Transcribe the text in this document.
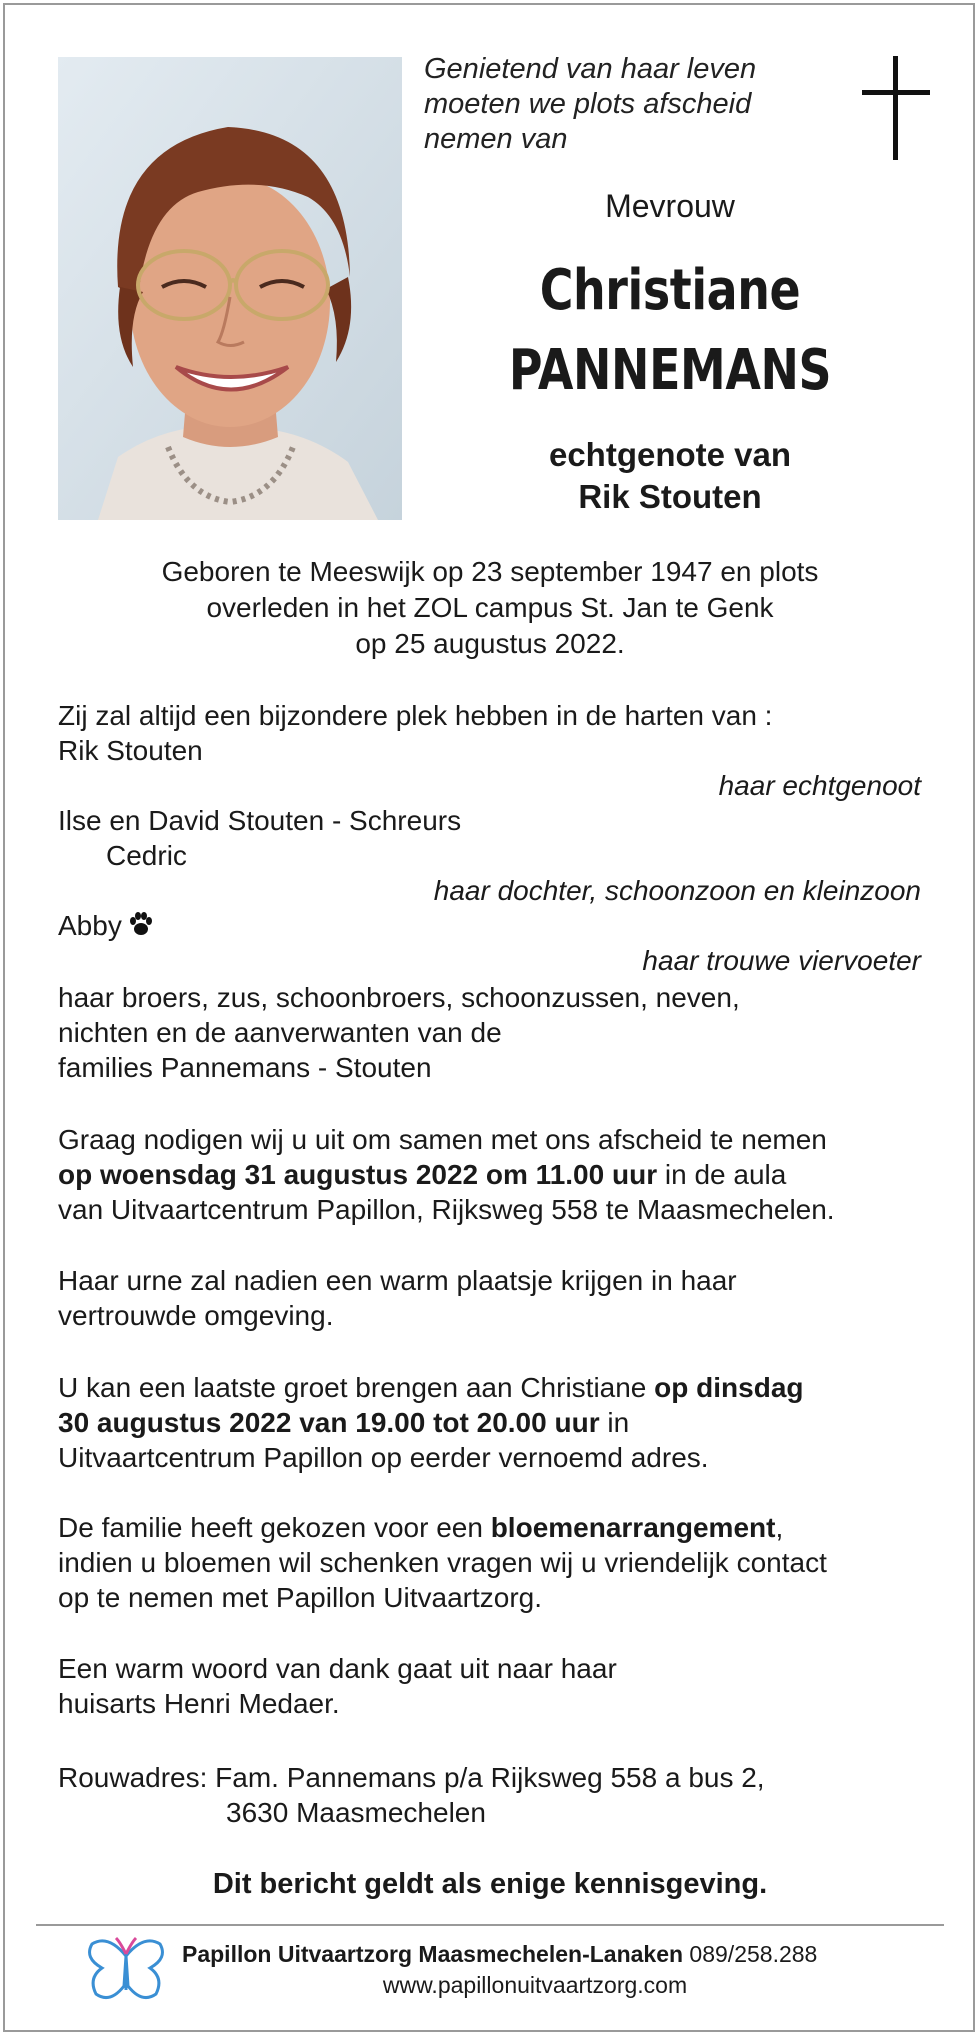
Genietend van haar leven
moeten we plots afscheid
nemen van
Mevrouw
Christiane
PANNEMANS
echtgenote van
Rik Stouten
Geboren te Meeswijk op 23 september 1947 en plots
overleden in het ZOL campus St. Jan te Genk
op 25 augustus 2022.
Zij zal altijd een bijzondere plek hebben in de harten van :
Rik Stouten
haar echtgenoot
Ilse en David Stouten - Schreurs
Cedric
haar dochter, schoonzoon en kleinzoon
Abby
haar trouwe viervoeter
haar broers, zus, schoonbroers, schoonzussen, neven,
nichten en de aanverwanten van de
families Pannemans - Stouten
Graag nodigen wij u uit om samen met ons afscheid te nemen
op woensdag 31 augustus 2022 om 11.00 uur in de aula
van Uitvaartcentrum Papillon, Rijksweg 558 te Maasmechelen.
Haar urne zal nadien een warm plaatsje krijgen in haar
vertrouwde omgeving.
U kan een laatste groet brengen aan Christiane op dinsdag
30 augustus 2022 van 19.00 tot 20.00 uur in
Uitvaartcentrum Papillon op eerder vernoemd adres.
De familie heeft gekozen voor een bloemenarrangement,
indien u bloemen wil schenken vragen wij u vriendelijk contact
op te nemen met Papillon Uitvaartzorg.
Een warm woord van dank gaat uit naar haar
huisarts Henri Medaer.
Rouwadres: Fam. Pannemans p/a Rijksweg 558 a bus 2,
3630 Maasmechelen
Dit bericht geldt als enige kennisgeving.
Papillon Uitvaartzorg Maasmechelen-Lanaken 089/258.288
www.papillonuitvaartzorg.com
